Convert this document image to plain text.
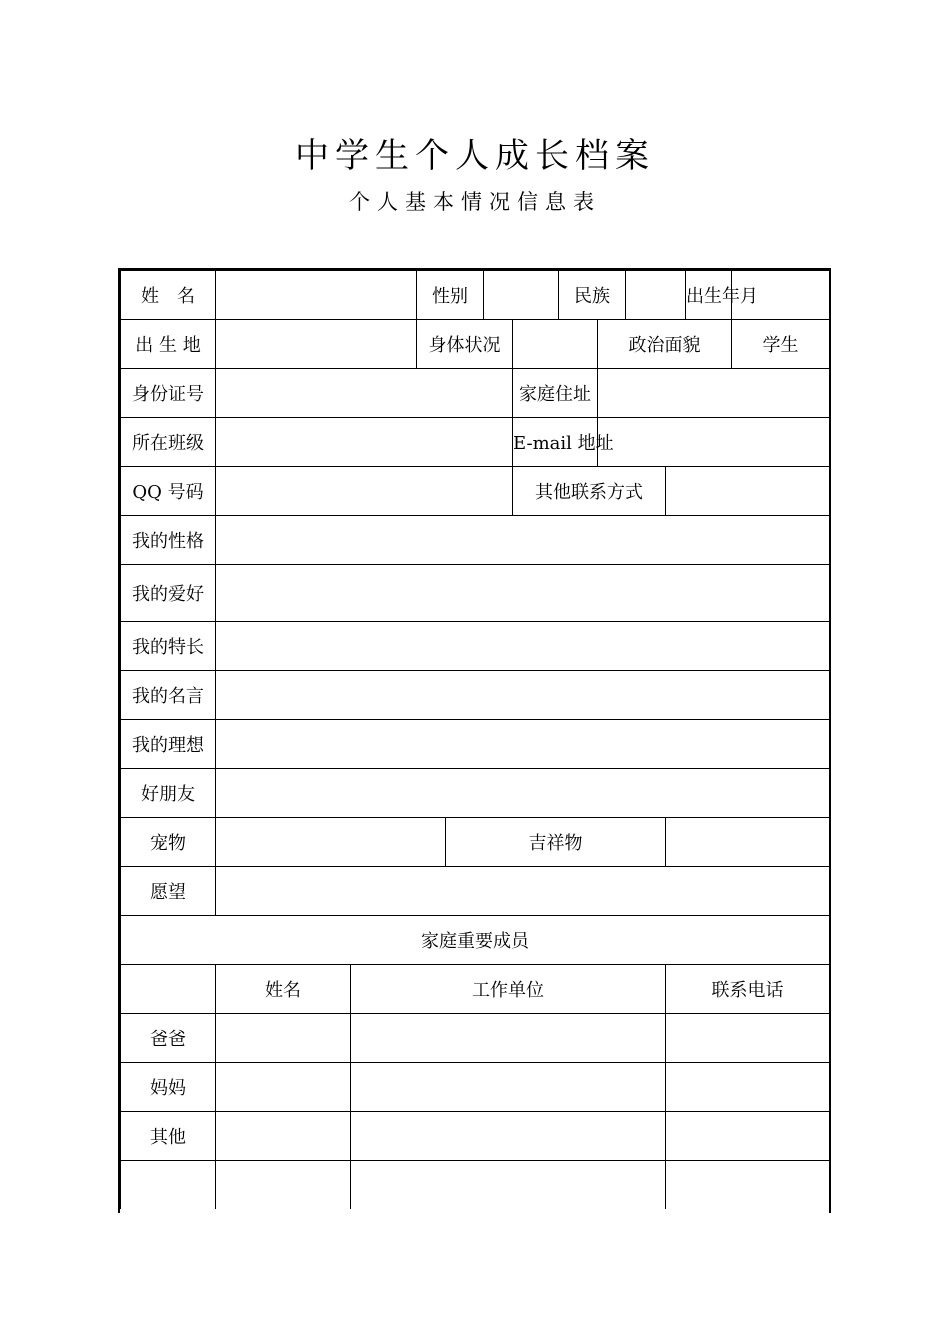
中学生个人成长档案
个人基本情况信息表
姓　名			性别				民族				出生年月	
出 生 地			身体状况					政治面貌				学生
身份证号						家庭住址						
所在班级						E-mail 地址						
QQ 号码						其他联系方式						
我的性格												
我的爱好												
我的特长												
我的名言												
我的理想												
好朋友												
宠物				吉祥物								
愿望												
家庭重要成员												
	姓名	工作单位								联系电话		
爸爸												
妈妈												
其他												
